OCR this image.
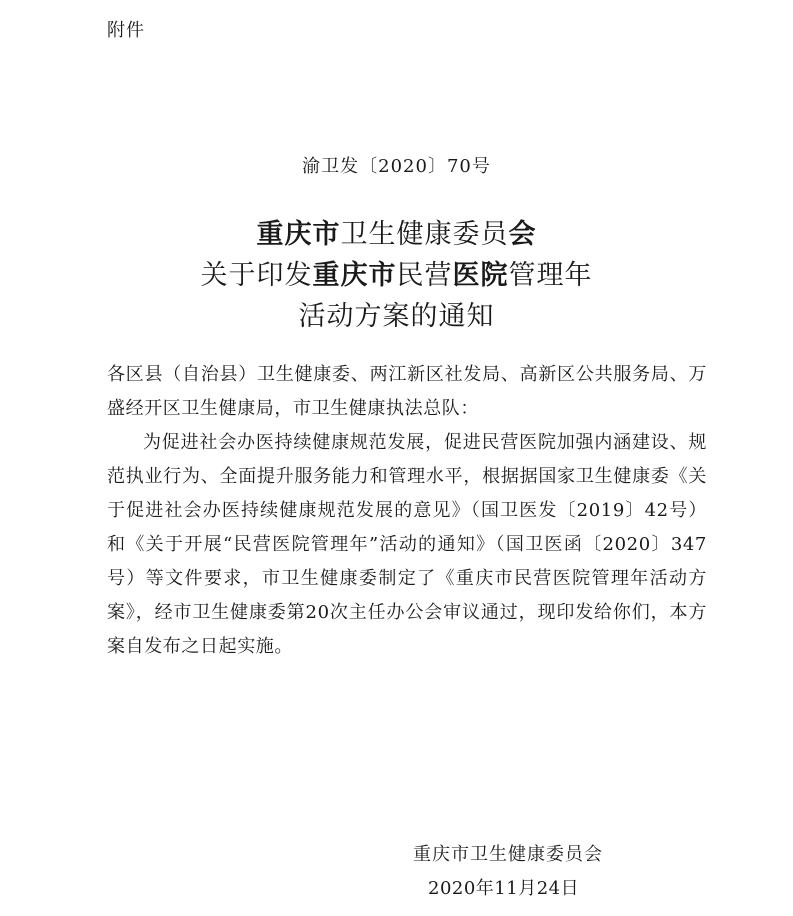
附件
渝卫发〔2020〕70号
重庆市卫生健康委员会
关于印发重庆市民营医院管理年
活动方案的通知

各区县（自治县）卫生健康委、两江新区社发局、高新区公共服务局、万盛经开区卫生健康局，市卫生健康执法总队：

为促进社会办医持续健康规范发展，促进民营医院加强内涵建设、规范执业行为、全面提升服务能力和管理水平，根据据国家卫生健康委《关于促进社会办医持续健康规范发展的意见》（国卫医发〔2019〕42号）和《关于开展“民营医院管理年”活动的通知》（国卫医函〔2020〕347号）等文件要求，市卫生健康委制定了《重庆市民营医院管理年活动方案》，经市卫生健康委第20次主任办公会审议通过，现印发给你们，本方案自发布之日起实施。

重庆市卫生健康委员会
2020年11月24日
